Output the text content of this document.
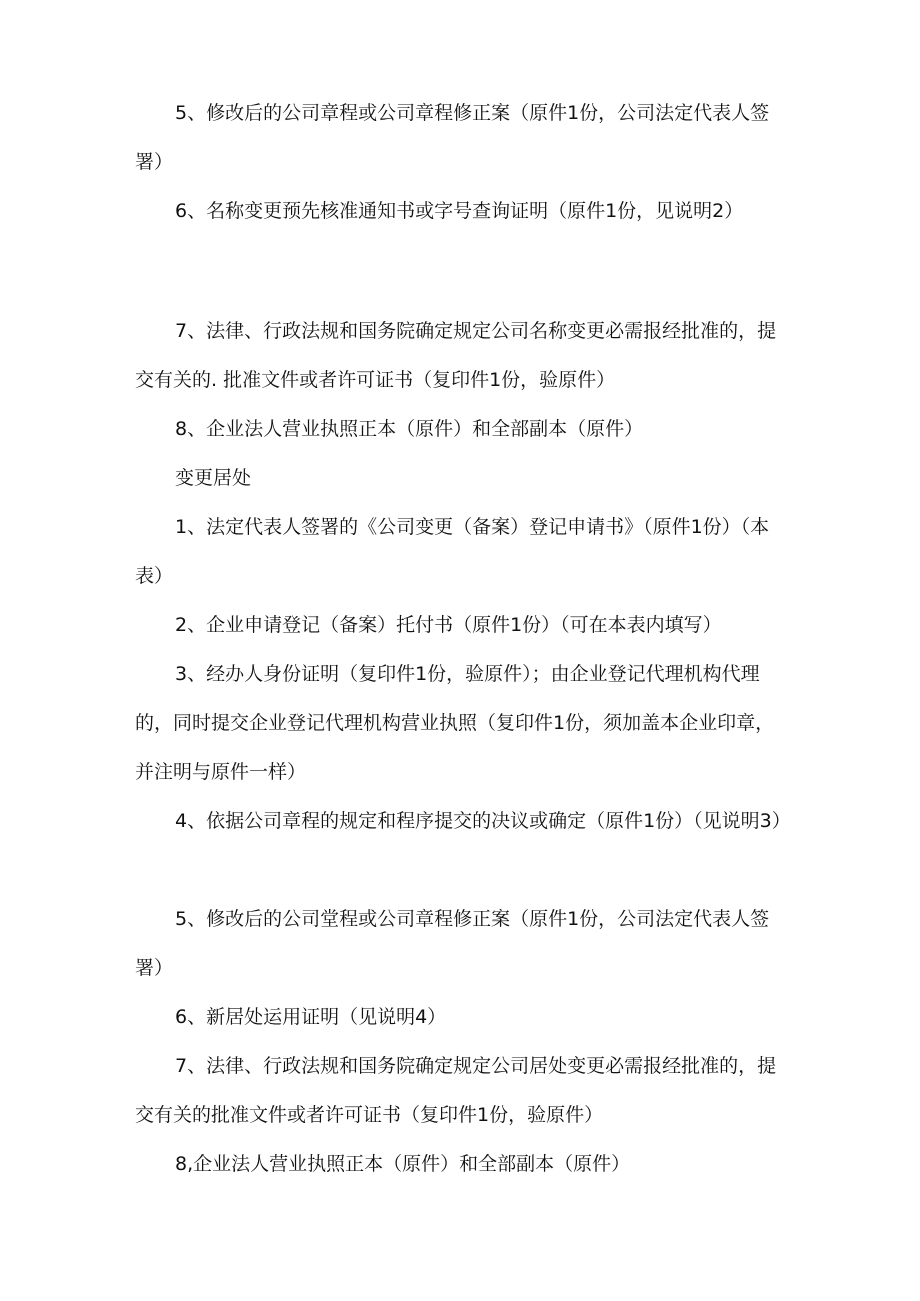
5、修改后的公司章程或公司章程修正案（原件1份，公司法定代表人签署）

6、名称变更预先核准通知书或字号查询证明（原件1份，见说明2）

7、法律、行政法规和国务院确定规定公司名称变更必需报经批准的，提交有关的. 批准文件或者许可证书（复印件1份，验原件）

8、企业法人营业执照正本（原件）和全部副本（原件）

变更居处

1、法定代表人签署的《公司变更（备案）登记申请书》（原件1份）（本表）

2、企业申请登记（备案）托付书（原件1份）（可在本表内填写）

3、经办人身份证明（复印件1份，验原件）；由企业登记代理机构代理的，同时提交企业登记代理机构营业执照（复印件1份，须加盖本企业印章，并注明与原件一样）

4、依据公司章程的规定和程序提交的决议或确定（原件1份）（见说明3）

5、修改后的公司堂程或公司章程修正案（原件1份，公司法定代表人签署）

6、新居处运用证明（见说明4）

7、法律、行政法规和国务院确定规定公司居处变更必需报经批准的，提交有关的批准文件或者许可证书（复印件1份，验原件）

8,企业法人营业执照正本（原件）和全部副本（原件）
